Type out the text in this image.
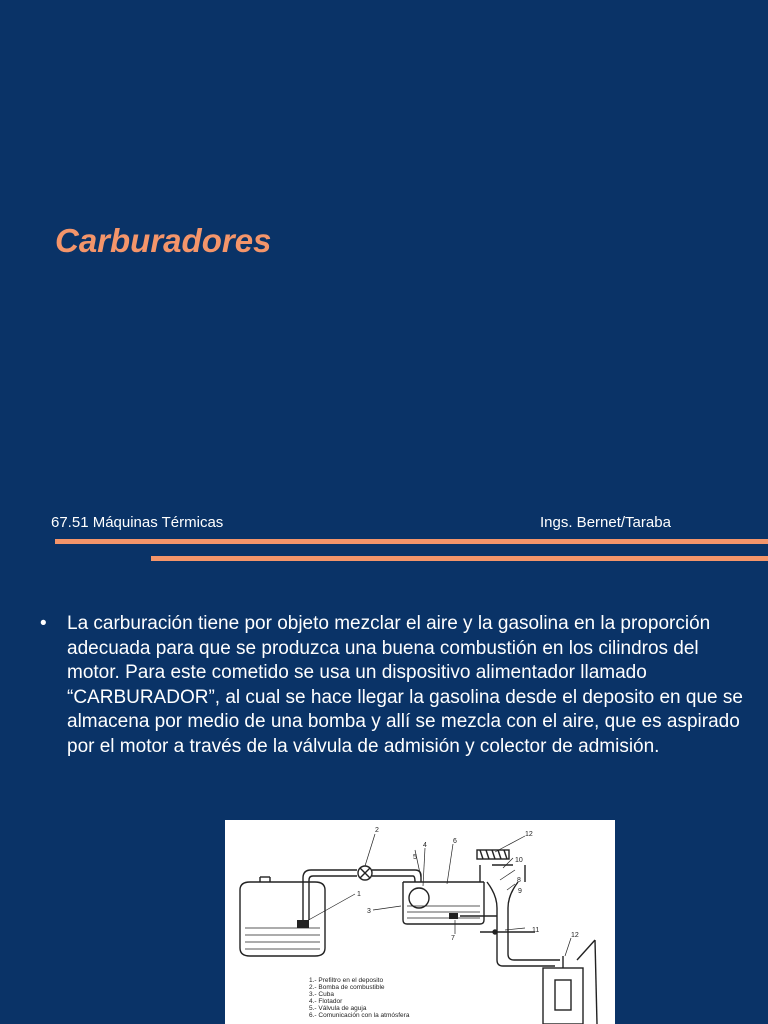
Carburadores
67.51 Máquinas Térmicas	Ings. Bernet/Taraba
• La carburación tiene por objeto mezclar el aire y la gasolina en la proporción adecuada para que se produzca una buena combustión en los cilindros del motor. Para este cometido se usa un dispositivo alimentador llamado “CARBURADOR”, al cual se hace llegar la gasolina desde el deposito en que se almacena por medio de una bomba y allí se mezcla con el aire, que es aspirado por el motor a través de la válvula de admisión y colector de admisión.
1
2
3
4
5
6
7
8
9
10
11
12
12
1.- Prefiltro en el deposito
2.- Bomba de combustible
3.- Cuba
4.- Flotador
5.- Válvula de aguja
6.- Comunicación con la atmósfera
